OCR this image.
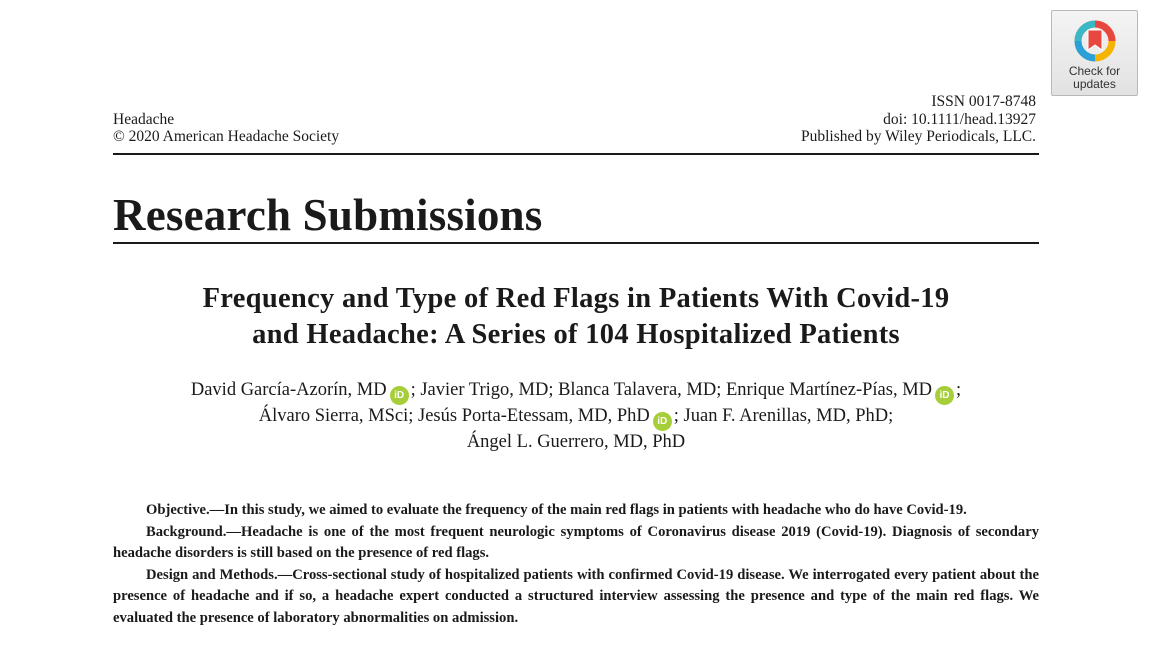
Check for
updates
Headache
© 2020 American Headache Society
ISSN 0017-8748
doi: 10.1111/head.13927
Published by Wiley Periodicals, LLC.
Research Submissions
Frequency and Type of Red Flags in Patients With Covid-19
and Headache: A Series of 104 Hospitalized Patients
David García-Azorín, MD iD ; Javier Trigo, MD; Blanca Talavera, MD; Enrique Martínez-Pías, MD iD ;
Álvaro Sierra, MSci; Jesús Porta-Etessam, MD, PhD iD ; Juan F. Arenillas, MD, PhD;
Ángel L. Guerrero, MD, PhD

Objective.—In this study, we aimed to evaluate the frequency of the main red flags in patients with headache who do have Covid-19.

Background.—Headache is one of the most frequent neurologic symptoms of Coronavirus disease 2019 (Covid-19). Diagnosis of secondary headache disorders is still based on the presence of red flags.

Design and Methods.—Cross-sectional study of hospitalized patients with confirmed Covid-19 disease. We interrogated every patient about the presence of headache and if so, a headache expert conducted a structured interview assessing the presence and type of the main red flags. We evaluated the presence of laboratory abnormalities on admission.
